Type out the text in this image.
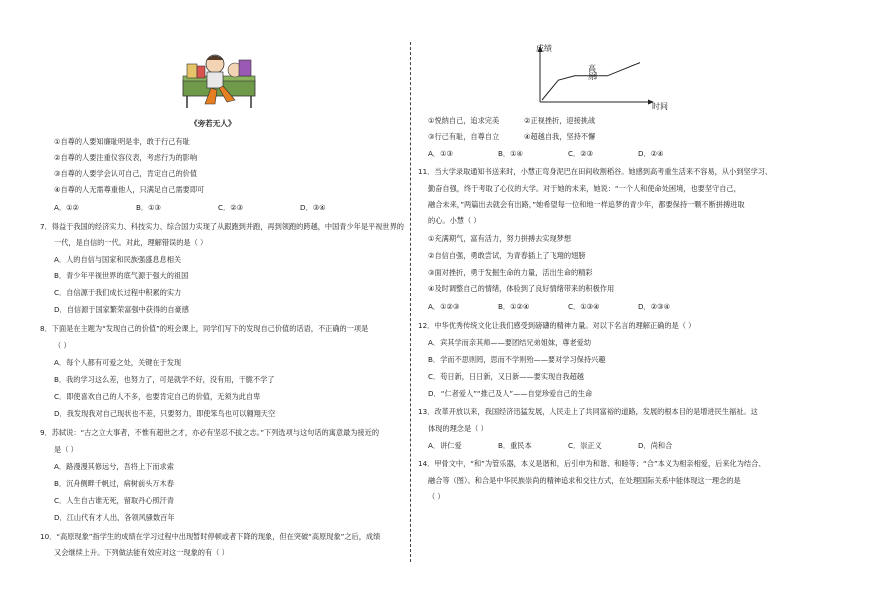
《旁若无人》
①自尊的人要知廉耻明是非，敢于行己有耻
②自尊的人要注重仪容仪表，考虑行为的影响
③自尊的人要学会认可自己，肯定自己的价值
④自尊的人无需尊重他人，只满足自己需要即可
A．①②	B．①③	C．②③	D．③④
7．得益于我国的经济实力、科技实力、综合国力实现了从跟跑到并跑，再到领跑的跨越，中国青少年是平视世界的
一代，是自信的一代。对此，理解错误的是（ ）
A．人的自信与国家和民族强盛息息相关
B．青少年平视世界的底气源于强大的祖国
C．自信源于我们成长过程中积累的实力
D．自信源于国家繁荣富强中获得的自豪感
8．下面是在主题为“发现自己的价值”的班会课上，同学们写下的发现自己价值的话语，不正确的一项是
（ ）
A．每个人都有可爱之处，关键在于发现
B．我的学习这么差，也努力了，可是就学不好，没有用，干脆不学了
C．即使喜欢自己的人不多，也要肯定自己的价值，无须为此自卑
D．我发现我对自己现状也不差，只要努力，即使笨鸟也可以翱翔天空
9．苏轼说：“古之立大事者，不惟有超世之才，亦必有坚忍不拔之志。”下列选项与这句话的寓意最为接近的
是（ ）
A．路漫漫其修远兮，吾将上下而求索
B．沉舟侧畔千帆过，病树前头万木春
C．人生自古谁无死，留取丹心照汗青
D．江山代有才人出，各领风骚数百年
10．“高原现象”指学生的成绩在学习过程中出现暂时停顿或者下降的现象，但在突破“高原现象”之后，成绩
又会继续上升。下列做法能有效应对这一现象的有（ ）
成绩
时间
高原
①悦纳自己，追求完美	②正视挫折，迎接挑战
③行己有耻，自尊自立	④超越自我，坚持不懈
A．①③	B．①④	C．②③	D．②④
11．当大学录取通知书送来时，小慧正弯身泥巴在田间收割稻谷。她感到高考重生活来不容易，从小到坚学习、
勤奋自强，终于考取了心仪的大学。对于她的未来，她说：“一个人和使命处困境，也要坚守自己，
融合未来，”两篇出去就会有出路，”她希望每一位和地一样追梦的青少年，都要保持一颗不断拼搏进取
的心。小慧（ ）
①充满期气，富有活力，努力拼搏去实现梦想
②自信自强，勇敢尝试，为青春插上了飞翔的翅膀
③面对挫折，勇于发掘生命的力量，活出生命的精彩
④及时调整自己的情绪，体验到了良好情绪带来的积极作用
A．①②③	B．①②④	C．①③④	D．②③④
12．中华优秀传统文化让我们感受到磅礴的精神力量。对以下名言的理解正确的是（ ）
A．宾其学而亲其师——要团结兄弟姐妹，尊老爱幼
B．学而不思则罔，思而不学则殆——要对学习保持兴趣
C．苟日新，日日新，又日新——要实现自我超越
D．“仁者爱人”“推己及人”——自觉珍爱自己的生命
13．改革开放以来，我国经济迅猛发展，人民走上了共同富裕的道路，发展的根本目的是增进民生福祉。这
体现的理念是（ ）
A．讲仁爱	B．重民本	C．崇正义	D．尚和合
14．甲骨文中，“和”为管乐器，本义是谐和，后引申为和谐、和睦等；“合”本义为相亲相爱，后来化为结合、
融合等（图）。和合是中华民族崇尚的精神追求和交往方式，在处理国际关系中能体现这一理念的是
（ ）
